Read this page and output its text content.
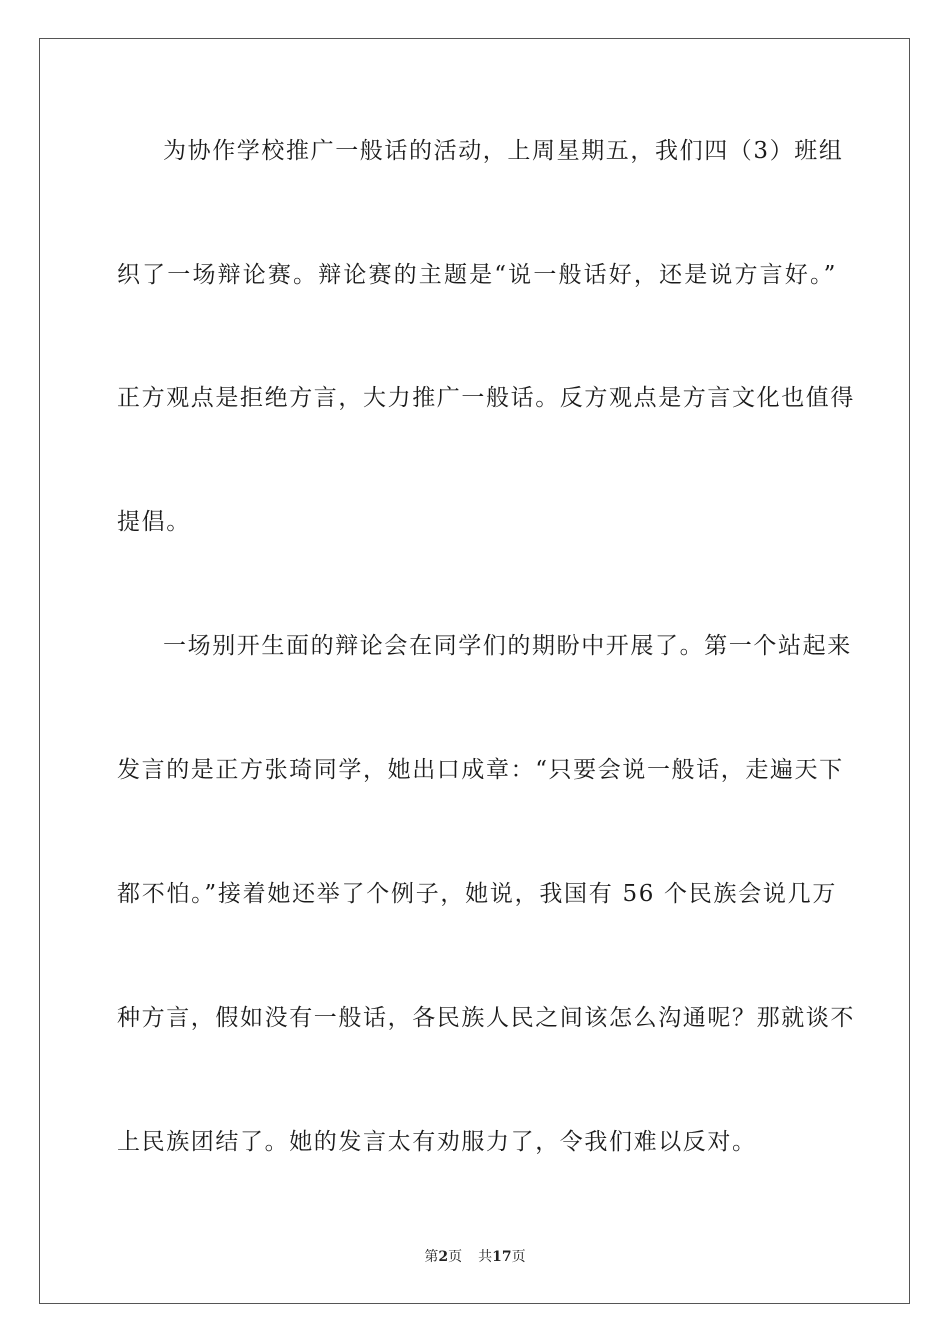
为协作学校推广一般话的活动，上周星期五，我们四（3）班组
织了一场辩论赛。辩论赛的主题是“说一般话好，还是说方言好。”
正方观点是拒绝方言，大力推广一般话。反方观点是方言文化也值得
提倡。
一场别开生面的辩论会在同学们的期盼中开展了。第一个站起来
发言的是正方张琦同学，她出口成章：“只要会说一般话，走遍天下
都不怕。”接着她还举了个例子，她说，我国有 56 个民族会说几万
种方言，假如没有一般话，各民族人民之间该怎么沟通呢？那就谈不
上民族团结了。她的发言太有劝服力了，令我们难以反对。
第2页 共17页
